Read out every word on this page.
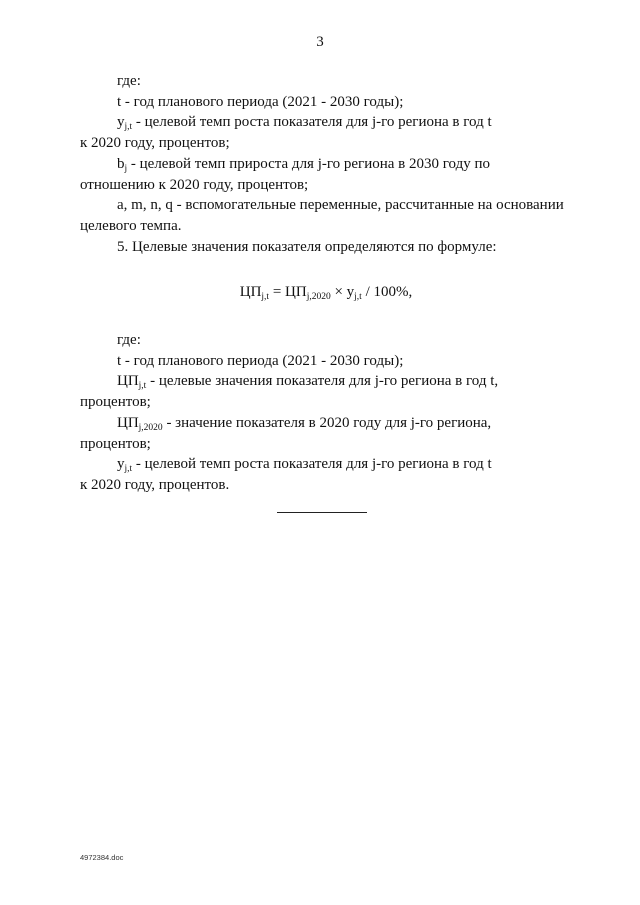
3

где:

t - год планового периода (2021 - 2030 годы);

$y_{j,t}$ - целевой темп роста показателя для j-го региона в год t

к 2020 году, процентов;

$b_j$ - целевой темп прироста для j-го региона в 2030 году по

отношению к 2020 году, процентов;

a, m, n, q - вспомогательные переменные, рассчитанные на основании целевого темпа.

5. Целевые значения показателя определяются по формуле:

$ЦП_{j,t} = ЦП_{j,2020} \times y_{j,t} / 100\%$,

где:

t - год планового периода (2021 - 2030 годы);

$ЦП_{j,t}$ - целевые значения показателя для j-го региона в год t,

процентов;

$ЦП_{j,2020}$ - значение показателя в 2020 году для j-го региона,

процентов;

$y_{j,t}$ - целевой темп роста показателя для j-го региона в год t

к 2020 году, процентов.

4972384.doc
